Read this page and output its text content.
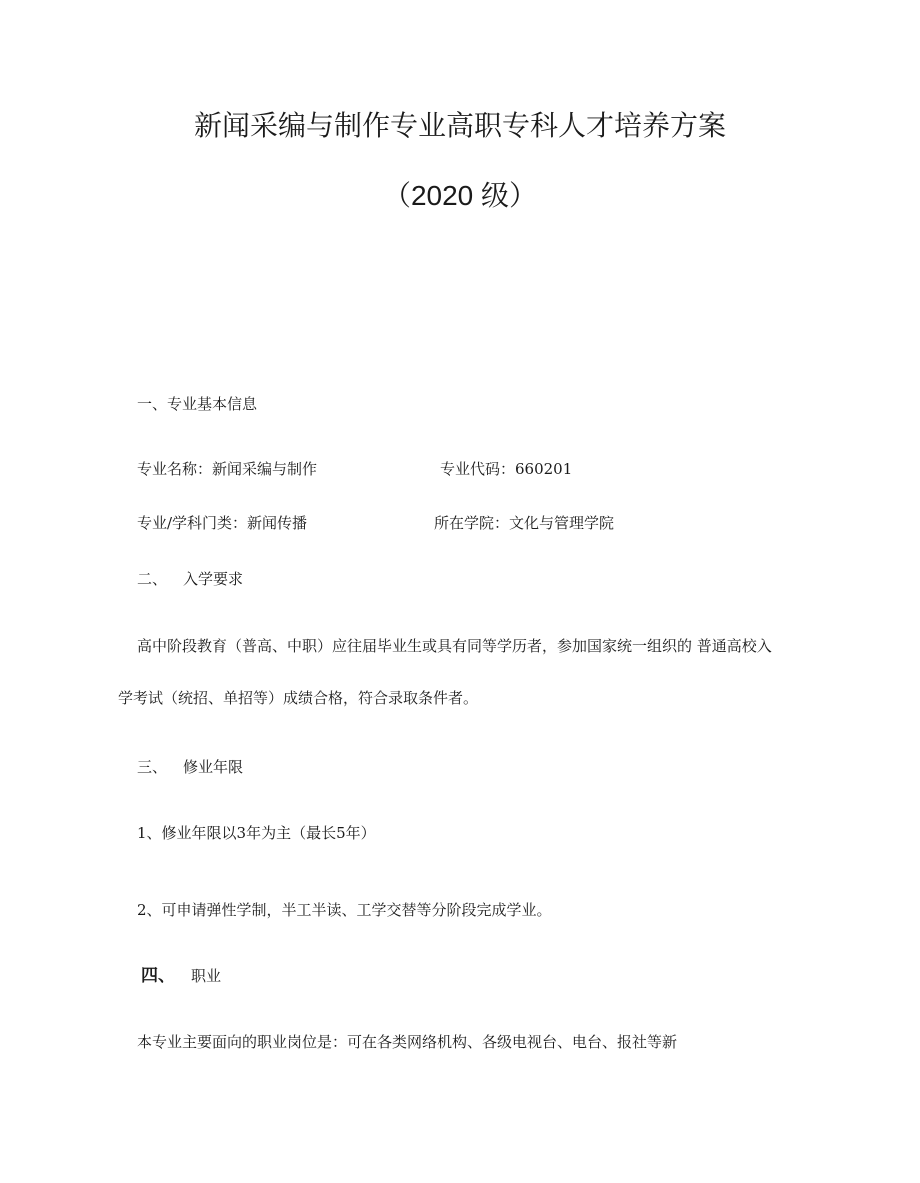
新闻采编与制作专业高职专科人才培养方案
（2020 级）
一、专业基本信息
专业名称：新闻采编与制作	专业代码：660201
专业/学科门类：新闻传播	所在学院：文化与管理学院
二、 入学要求
高中阶段教育（普高、中职）应往届毕业生或具有同等学历者，参加国家统一组织的 普通高校入
学考试（统招、单招等）成绩合格，符合录取条件者。
三、 修业年限
1、修业年限以3年为主（最长5年）
2、可申请弹性学制，半工半读、工学交替等分阶段完成学业。
四、 职业
本专业主要面向的职业岗位是：可在各类网络机构、各级电视台、电台、报社等新
